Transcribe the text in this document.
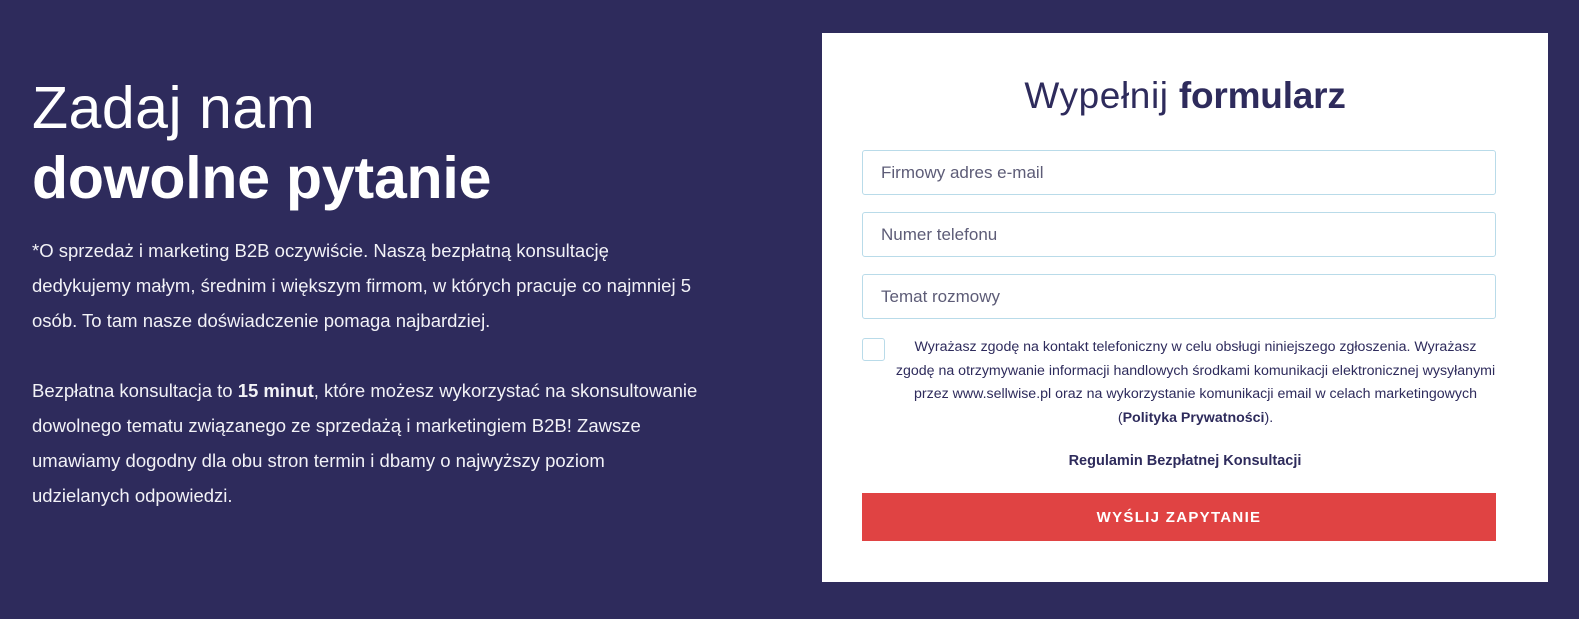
Zadaj nam
dowolne pytanie

*O sprzedaż i marketing B2B oczywiście. Naszą bezpłatną konsultację dedykujemy małym, średnim i większym firmom, w których pracuje co najmniej 5 osób. To tam nasze doświadczenie pomaga najbardziej.

Bezpłatna konsultacja to 15 minut, które możesz wykorzystać na skonsultowanie dowolnego tematu związanego ze sprzedażą i marketingiem B2B! Zawsze umawiamy dogodny dla obu stron termin i dbamy o najwyższy poziom udzielanych odpowiedzi.

Wypełnij formularz
Firmowy adres e-mail
Numer telefonu
Temat rozmowy
Wyrażasz zgodę na kontakt telefoniczny w celu obsługi niniejszego zgłoszenia. Wyrażasz zgodę na otrzymywanie informacji handlowych środkami komunikacji elektronicznej wysyłanymi przez www.sellwise.pl oraz na wykorzystanie komunikacji email w celach marketingowych (Polityka Prywatności).
Regulamin Bezpłatnej Konsultacji
WYŚLIJ ZAPYTANIE
